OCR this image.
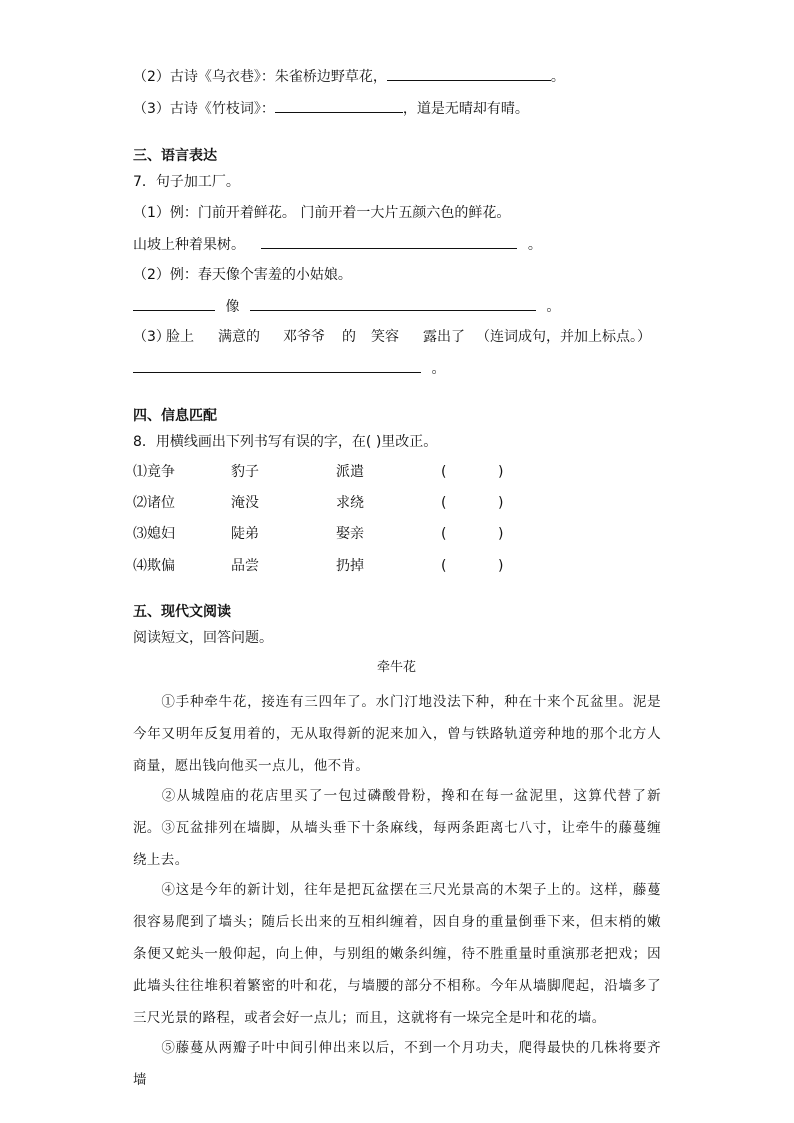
（2）古诗《乌衣巷》：朱雀桥边野草花，	。
（3）古诗《竹枝词》：	，道是无晴却有晴。
三、语言表达
7．句子加工厂。
（1）例：门前开着鲜花。 门前开着一大片五颜六色的鲜花。
山坡上种着果树。	。
（2）例：春天像个害羞的小姑娘。
像	。
（3）
脸上 满意的 邓爷爷 的 笑容 露出了 （连词成句，并加上标点。）
。
四、信息匹配
8．用横线画出下列书写有误的字，在( )里改正。
⑴竟争	豹子	派遣	(	)
⑵诸位	淹没	求绕	(	)
⑶媳妇	陡弟	娶亲	(	)
⑷欺偏	品尝	扔掉	(	)
五、现代文阅读
阅读短文，回答问题。
牵牛花
①手种牵牛花，接连有三四年了。水门汀地没法下种，种在十来个瓦盆里。泥是今年又明年反复用着的，无从取得新的泥来加入，曾与铁路轨道旁种地的那个北方人商量，愿出钱向他买一点儿，他不肯。
②从城隍庙的花店里买了一包过磷酸骨粉，搀和在每一盆泥里，这算代替了新泥。 ③瓦盆排列在墙脚，从墙头垂下十条麻线，每两条距离七八寸，让牵牛的藤蔓缠绕上去。
④这是今年的新计划，往年是把瓦盆摆在三尺光景高的木架子上的。这样，藤蔓很容易爬到了墙头；随后长出来的互相纠缠着，因自身的重量倒垂下来，但末梢的嫩条便又蛇头一般仰起，向上伸，与别组的嫩条纠缠，待不胜重量时重演那老把戏；因此墙头往往堆积着繁密的叶和花，与墙腰的部分不相称。今年从墙脚爬起，沿墙多了三尺光景的路程，或者会好一点儿；而且，这就将有一垛完全是叶和花的墙。
⑤藤蔓从两瓣子叶中间引伸出来以后，不到一个月功夫，爬得最快的几株将要齐墙
